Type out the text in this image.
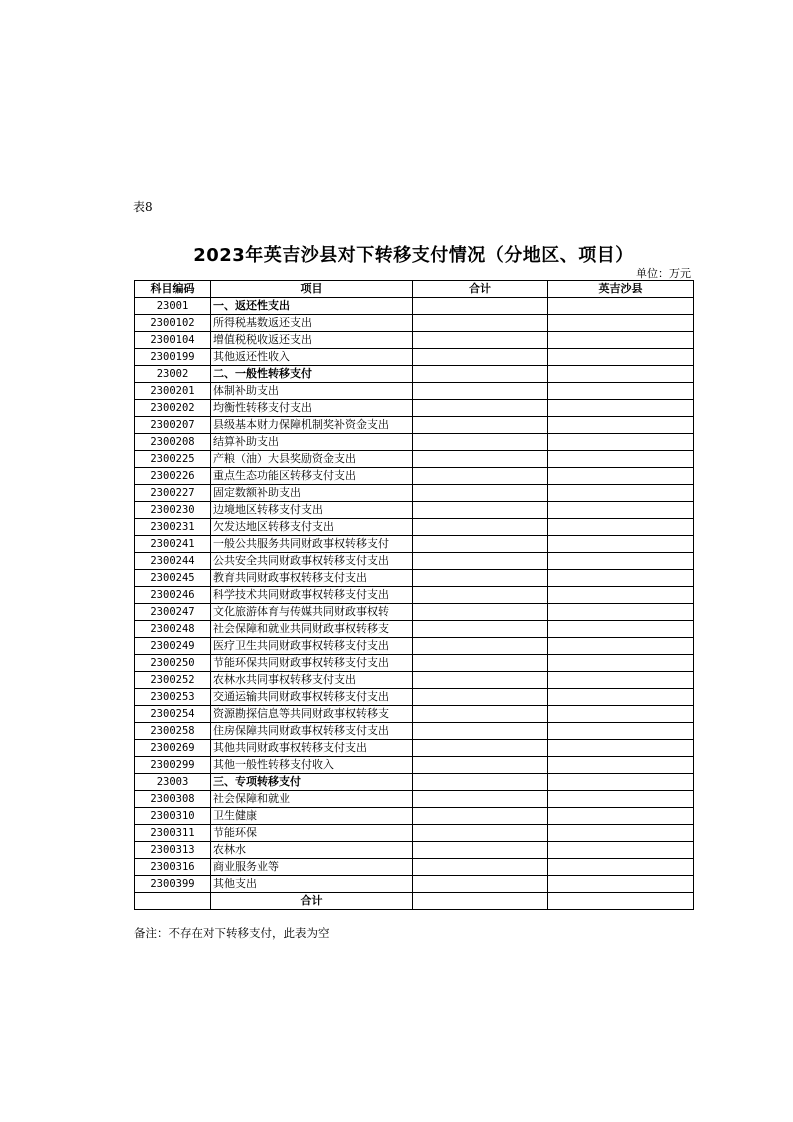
表8
2023年英吉沙县对下转移支付情况（分地区、项目）
单位：万元
科目编码	项目	合计	英吉沙县
23001	一、返还性支出		
2300102	所得税基数返还支出		
2300104	增值税税收返还支出		
2300199	其他返还性收入		
23002	二、一般性转移支付		
2300201	体制补助支出		
2300202	均衡性转移支付支出		
2300207	县级基本财力保障机制奖补资金支出		
2300208	结算补助支出		
2300225	产粮（油）大县奖励资金支出		
2300226	重点生态功能区转移支付支出		
2300227	固定数额补助支出		
2300230	边境地区转移支付支出		
2300231	欠发达地区转移支付支出		
2300241	一般公共服务共同财政事权转移支付		
2300244	公共安全共同财政事权转移支付支出		
2300245	教育共同财政事权转移支付支出		
2300246	科学技术共同财政事权转移支付支出		
2300247	文化旅游体育与传媒共同财政事权转		
2300248	社会保障和就业共同财政事权转移支		
2300249	医疗卫生共同财政事权转移支付支出		
2300250	节能环保共同财政事权转移支付支出		
2300252	农林水共同事权转移支付支出		
2300253	交通运输共同财政事权转移支付支出		
2300254	资源勘探信息等共同财政事权转移支		
2300258	住房保障共同财政事权转移支付支出		
2300269	其他共同财政事权转移支付支出		
2300299	其他一般性转移支付收入		
23003	三、专项转移支付		
2300308	社会保障和就业		
2300310	卫生健康		
2300311	节能环保		
2300313	农林水		
2300316	商业服务业等		
2300399	其他支出		
	合计		
备注：不存在对下转移支付，此表为空
